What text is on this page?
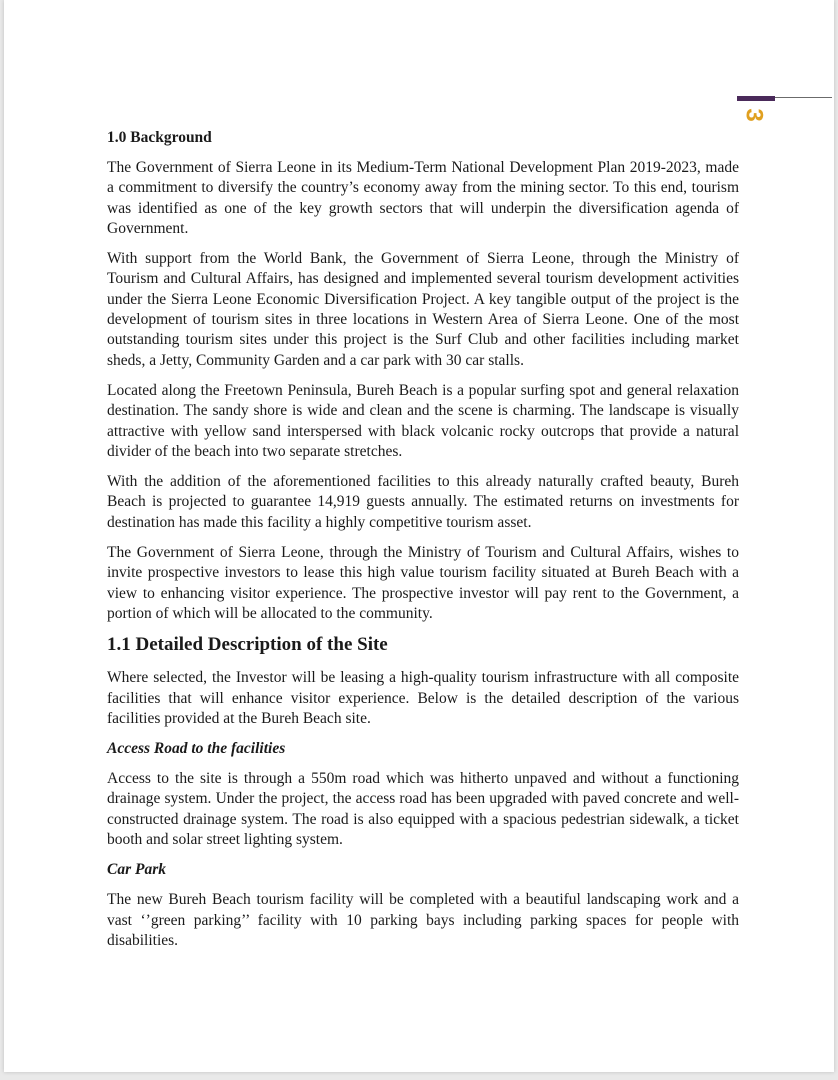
3
1.0 Background

The Government of Sierra Leone in its Medium-Term National Development Plan 2019-2023, made a commitment to diversify the country’s economy away from the mining sector. To this end, tourism was identified as one of the key growth sectors that will underpin the diversification agenda of Government.

With support from the World Bank, the Government of Sierra Leone, through the Ministry of Tourism and Cultural Affairs, has designed and implemented several tourism development activities under the Sierra Leone Economic Diversification Project. A key tangible output of the project is the development of tourism sites in three locations in Western Area of Sierra Leone. One of the most outstanding tourism sites under this project is the Surf Club and other facilities including market sheds, a Jetty, Community Garden and a car park with 30 car stalls.

Located along the Freetown Peninsula, Bureh Beach is a popular surfing spot and general relaxation destination. The sandy shore is wide and clean and the scene is charming. The landscape is visually attractive with yellow sand interspersed with black volcanic rocky outcrops that provide a natural divider of the beach into two separate stretches.

With the addition of the aforementioned facilities to this already naturally crafted beauty, Bureh Beach is projected to guarantee 14,919 guests annually. The estimated returns on investments for destination has made this facility a highly competitive tourism asset.

The Government of Sierra Leone, through the Ministry of Tourism and Cultural Affairs, wishes to invite prospective investors to lease this high value tourism facility situated at Bureh Beach with a view to enhancing visitor experience. The prospective investor will pay rent to the Government, a portion of which will be allocated to the community.

1.1 Detailed Description of the Site

Where selected, the Investor will be leasing a high-quality tourism infrastructure with all composite facilities that will enhance visitor experience. Below is the detailed description of the various facilities provided at the Bureh Beach site.

Access Road to the facilities

Access to the site is through a 550m road which was hitherto unpaved and without a functioning drainage system. Under the project, the access road has been upgraded with paved concrete and well-constructed drainage system. The road is also equipped with a spacious pedestrian sidewalk, a ticket booth and solar street lighting system.

Car Park

The new Bureh Beach tourism facility will be completed with a beautiful landscaping work and a vast ‘’green parking’’ facility with 10 parking bays including parking spaces for people with disabilities.
